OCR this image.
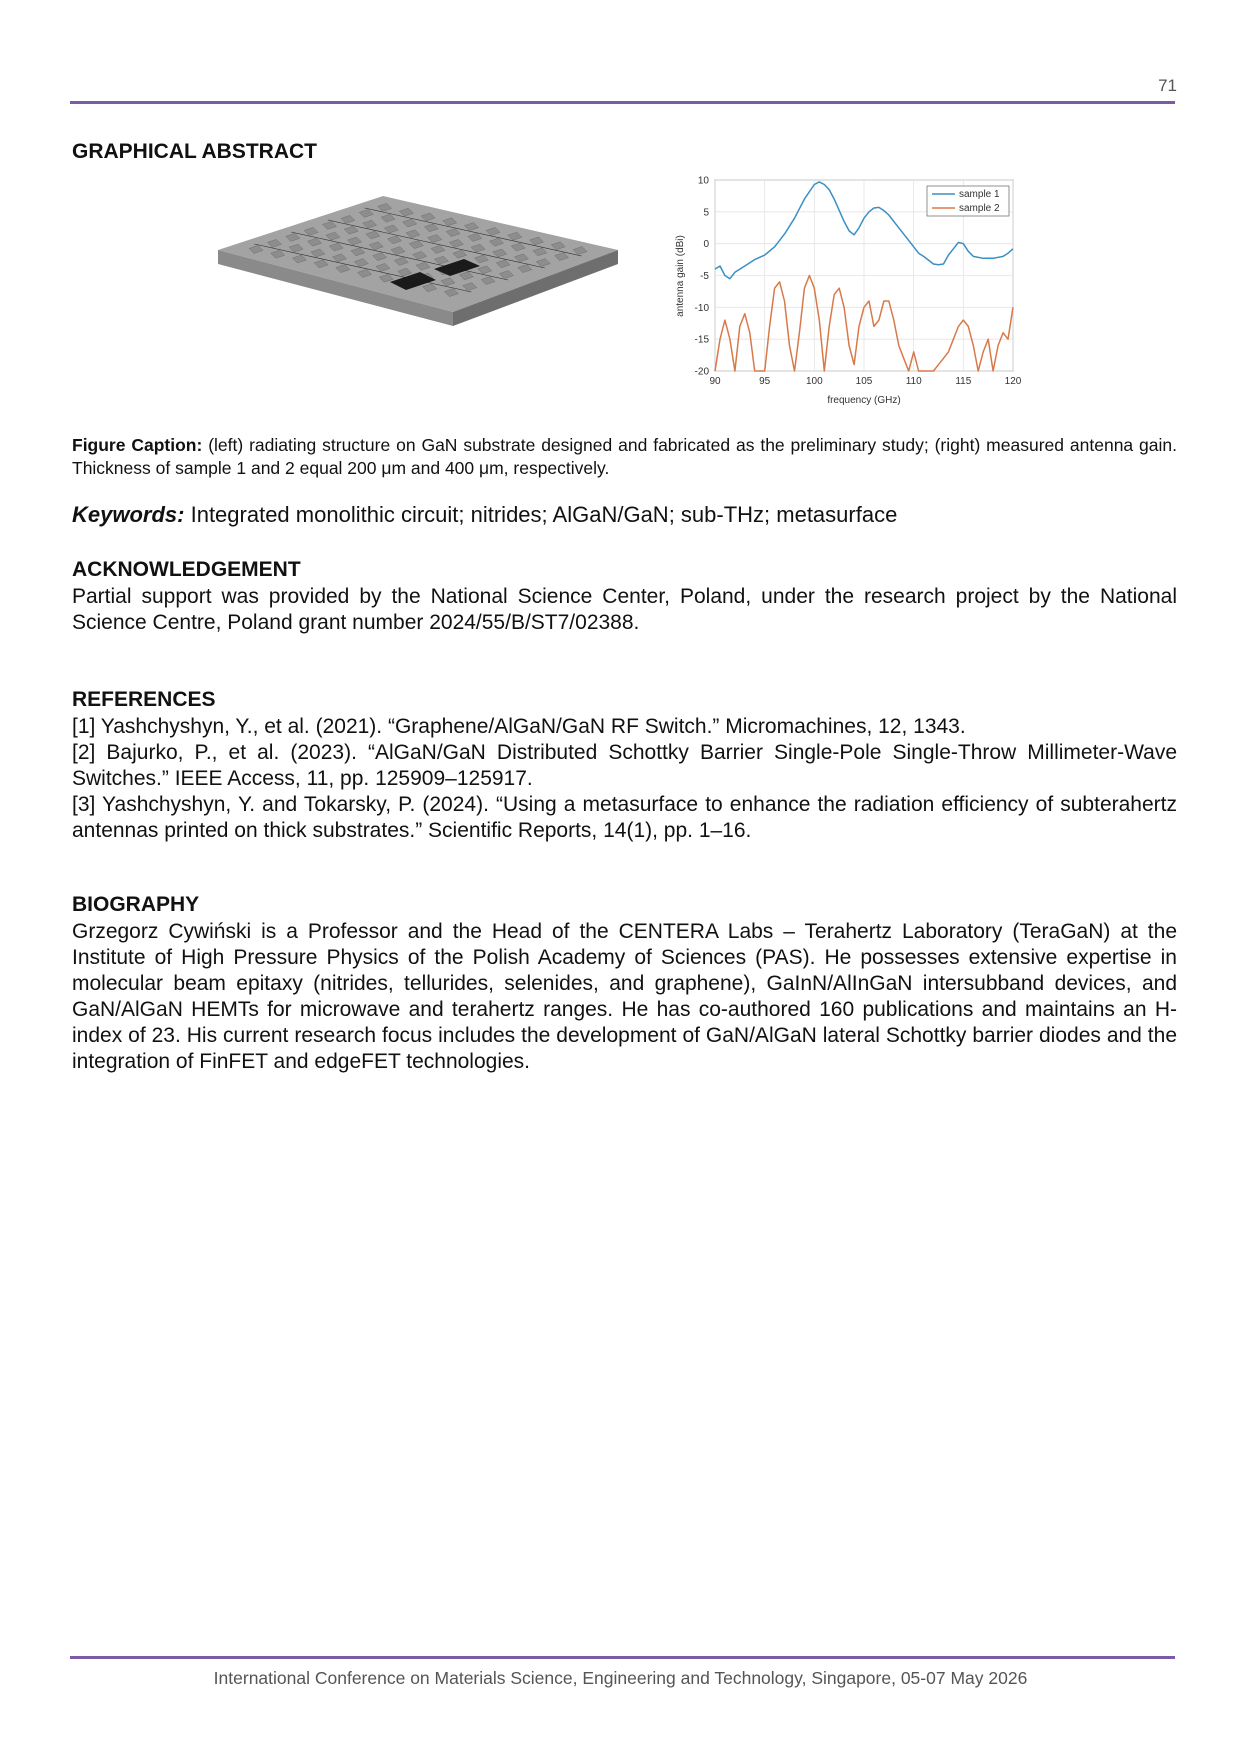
71
GRAPHICAL ABSTRACT
90	95	100	105	110	115	120
10
5
0
-5
-10
-15
-20
sample 1
sample 2
frequency (GHz)
antenna gain (dBi)

Figure Caption: (left) radiating structure on GaN substrate designed and fabricated as the preliminary study; (right) measured antenna gain. Thickness of sample 1 and 2 equal 200 μm and 400 μm, respectively.

Keywords: Integrated monolithic circuit; nitrides; AlGaN/GaN; sub-THz; metasurface

ACKNOWLEDGEMENT

Partial support was provided by the National Science Center, Poland, under the research project by the National Science Centre, Poland grant number 2024/55/B/ST7/02388.

REFERENCES
[1] Yashchyshyn, Y., et al. (2021). “Graphene/AlGaN/GaN RF Switch.” Micromachines, 12, 1343.
[2] Bajurko, P., et al. (2023). “AlGaN/GaN Distributed Schottky Barrier Single-Pole Single-Throw Millimeter-Wave Switches.” IEEE Access, 11, pp. 125909–125917.
[3] Yashchyshyn, Y. and Tokarsky, P. (2024). “Using a metasurface to enhance the radiation efficiency of subterahertz antennas printed on thick substrates.” Scientific Reports, 14(1), pp. 1–16.
BIOGRAPHY

Grzegorz Cywiński is a Professor and the Head of the CENTERA Labs – Terahertz Laboratory (TeraGaN) at the Institute of High Pressure Physics of the Polish Academy of Sciences (PAS). He possesses extensive expertise in molecular beam epitaxy (nitrides, tellurides, selenides, and graphene), GaInN/AlInGaN intersubband devices, and GaN/AlGaN HEMTs for microwave and terahertz ranges. He has co-authored 160 publications and maintains an H-index of 23. His current research focus includes the development of GaN/AlGaN lateral Schottky barrier diodes and the integration of FinFET and edgeFET technologies.

International Conference on Materials Science, Engineering and Technology, Singapore, 05-07 May 2026
